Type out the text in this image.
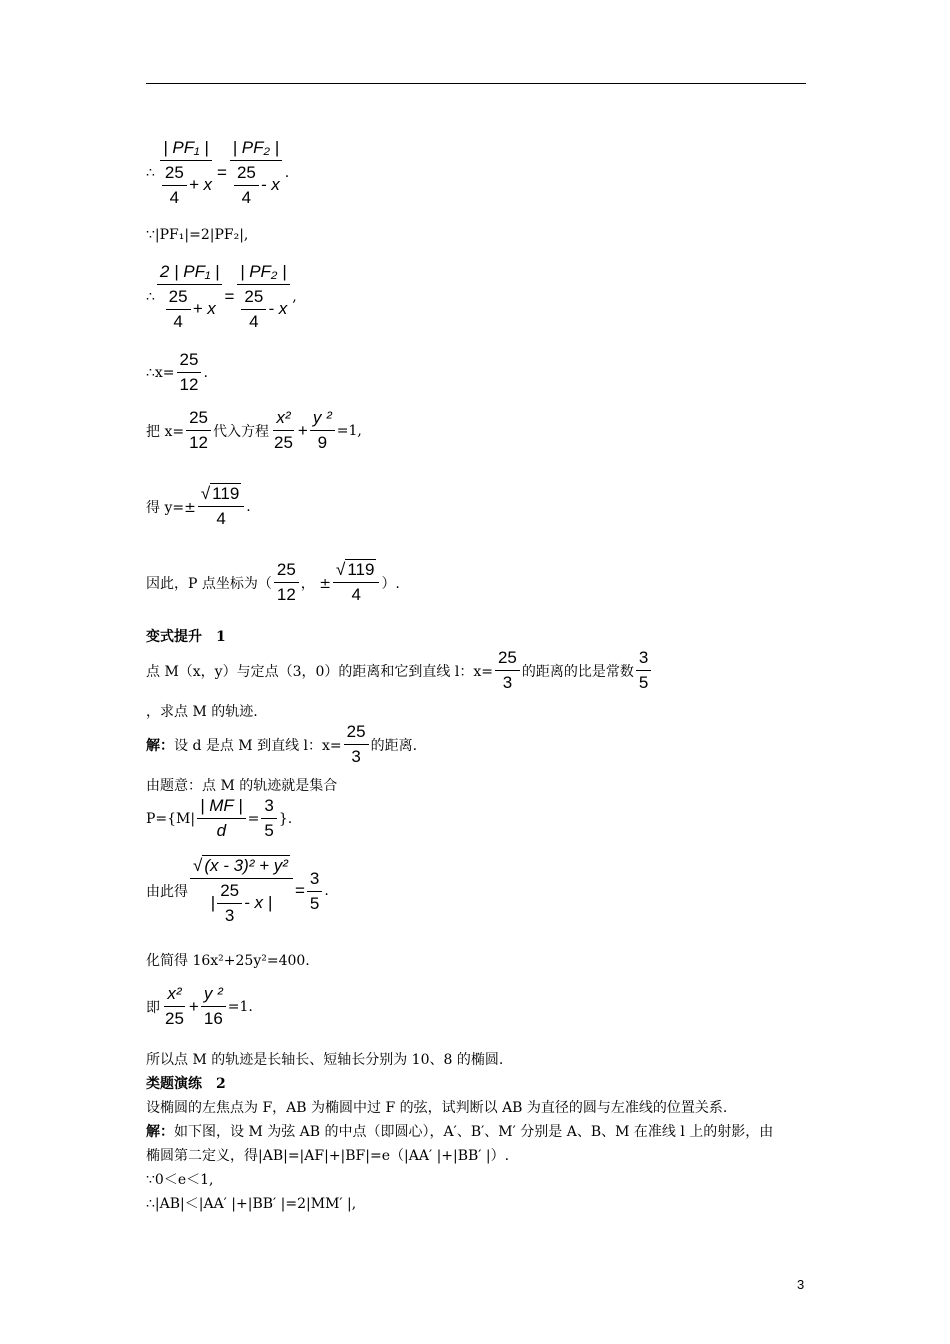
∴ $\frac{\text{| PF₁ |}}{\frac{25}{4} + x} = \frac{\text{| PF₂ |}}{\frac{25}{4} - x}$ .
∵|PF₁|=2|PF₂|,
∴ $\frac{\text{2 | PF₁ |}}{\frac{25}{4} + x} = \frac{\text{| PF₂ |}}{\frac{25}{4} - x}$ ,
∴x= $\frac{25}{12}$ .
把 $x= \frac{25}{12}$ 代入方程 $\frac{\text{x²}}{25} + \frac{\text{y ²}}{9} =1$,
得 $y=\pm \frac{√ 119}{4}$ .
因此，P 点坐标为（ $\frac{25}{12}$ ， ± $\frac{√ 119}{4}$ ）.
变式提升　1
点 M（x，y）与定点（3，0）的距离和它到直线 l：$x= \frac{25}{3}$ 的距离的比是常数 $\frac{3}{5}$
，求点 M 的轨迹.
解： 设 d 是点 M 到直线 l：$x= \frac{25}{3}$ 的距离.
由题意：点 M 的轨迹就是集合
$P=\{M| \frac{| MF |}{d} = \frac{3}{5}$ }.
由此得 $\frac{\text{√ (x - 3)² + y²}}{| \frac{25}{3} - x |} = \frac{3}{5}$ .
化简得 16x²+25y²=400.
即 $\frac{\text{x²}}{25} + \frac{\text{y ²}}{16} =1$.
所以点 M 的轨迹是长轴长、短轴长分别为 10、8 的椭圆.
类题演练　2
设椭圆的左焦点为 F，AB 为椭圆中过 F 的弦，试判断以 AB 为直径的圆与左准线的位置关系.
解： 如下图，设 M 为弦 AB 的中点（即圆心），A′、B′、M′ 分别是 A、B、M 在准线 l 上的射影，由
椭圆第二定义，得|AB|=|AF|+|BF|=e（|AA′ |+|BB′ |）.
∵0＜e＜1,
∴|AB|＜|AA′ |+|BB′ |=2|MM′ |,
3
